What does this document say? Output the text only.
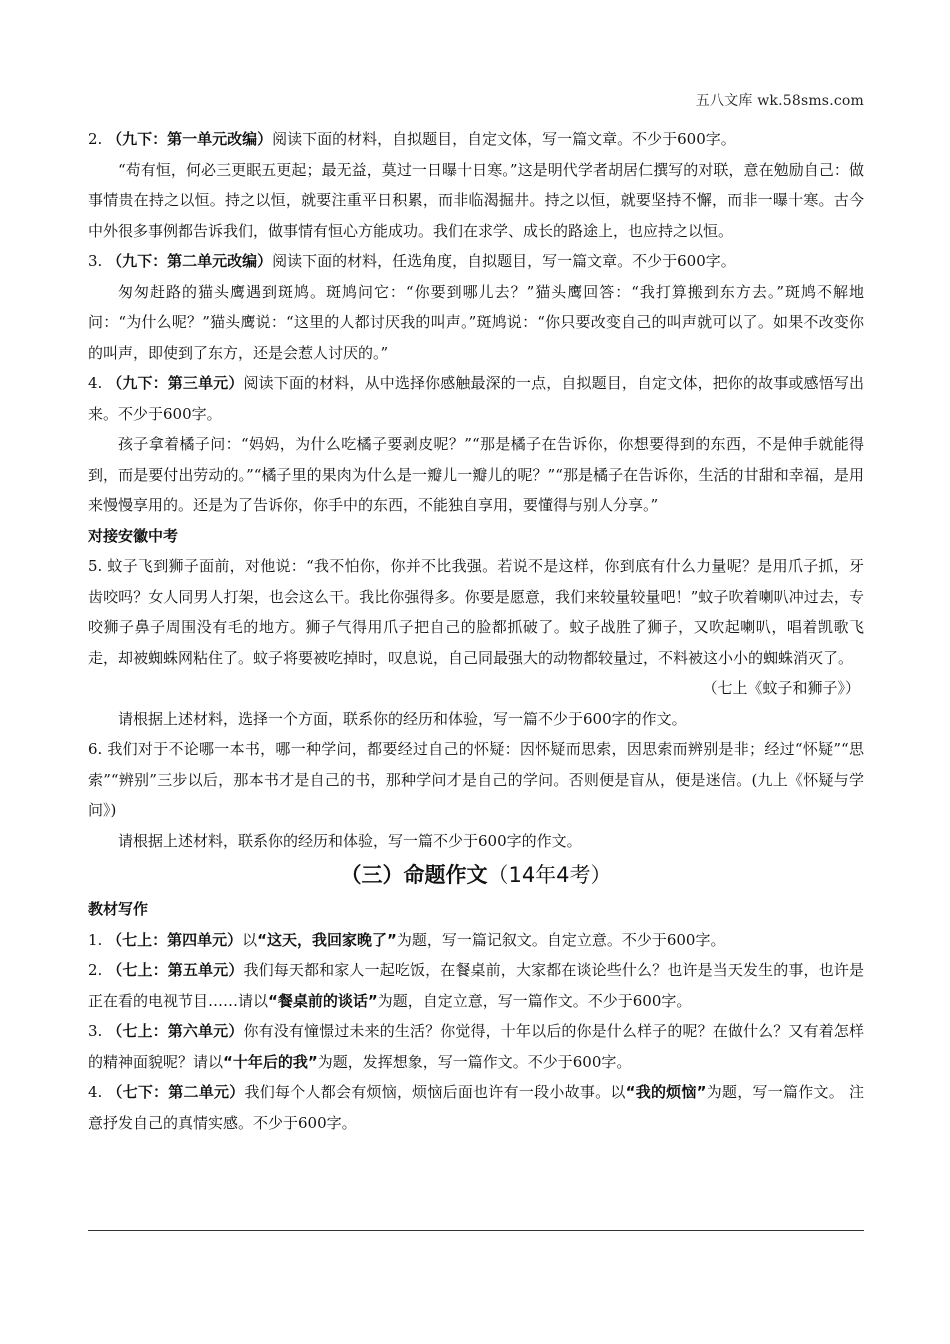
五八文库 wk.58sms.com

2. （九下：第一单元改编）阅读下面的材料，自拟题目，自定文体，写一篇文章。不少于600字。

“苟有恒，何必三更眠五更起；最无益，莫过一日曝十日寒。”这是明代学者胡居仁撰写的对联，意在勉励自己：做事情贵在持之以恒。持之以恒，就要注重平日积累，而非临渴掘井。持之以恒，就要坚持不懈，而非一曝十寒。古今中外很多事例都告诉我们，做事情有恒心方能成功。我们在求学、成长的路途上，也应持之以恒。

3. （九下：第二单元改编）阅读下面的材料，任选角度，自拟题目，写一篇文章。不少于600字。

匆匆赶路的猫头鹰遇到斑鸠。斑鸠问它：“你要到哪儿去？”猫头鹰回答：“我打算搬到东方去。”斑鸠不解地问：“为什么呢？”猫头鹰说：“这里的人都讨厌我的叫声。”斑鸠说：“你只要改变自己的叫声就可以了。如果不改变你的叫声，即使到了东方，还是会惹人讨厌的。”

4. （九下：第三单元）阅读下面的材料，从中选择你感触最深的一点，自拟题目，自定文体，把你的故事或感悟写出来。不少于600字。

孩子拿着橘子问：“妈妈，为什么吃橘子要剥皮呢？”“那是橘子在告诉你，你想要得到的东西，不是伸手就能得到，而是要付出劳动的。”“橘子里的果肉为什么是一瓣儿一瓣儿的呢？”“那是橘子在告诉你，生活的甘甜和幸福，是用来慢慢享用的。还是为了告诉你，你手中的东西，不能独自享用，要懂得与别人分享。”

对接安徽中考

5. 蚊子飞到狮子面前，对他说：“我不怕你，你并不比我强。若说不是这样，你到底有什么力量呢？是用爪子抓，牙齿咬吗？女人同男人打架，也会这么干。我比你强得多。你要是愿意，我们来较量较量吧！”蚊子吹着喇叭冲过去，专咬狮子鼻子周围没有毛的地方。狮子气得用爪子把自己的脸都抓破了。蚊子战胜了狮子，又吹起喇叭，唱着凯歌飞走，却被蜘蛛网粘住了。蚊子将要被吃掉时，叹息说，自己同最强大的动物都较量过，不料被这小小的蜘蛛消灭了。

（七上《蚊子和狮子》）

请根据上述材料，选择一个方面，联系你的经历和体验，写一篇不少于600字的作文。

6. 我们对于不论哪一本书，哪一种学问，都要经过自己的怀疑：因怀疑而思索，因思索而辨别是非；经过“怀疑”“思索”“辨别”三步以后，那本书才是自己的书，那种学问才是自己的学问。否则便是盲从，便是迷信。(九上《怀疑与学问》)

请根据上述材料，联系你的经历和体验，写一篇不少于600字的作文。

（三）命题作文（14年4考）

教材写作

1. （七上：第四单元）以“这天，我回家晚了”为题，写一篇记叙文。自定立意。不少于600字。

2. （七上：第五单元）我们每天都和家人一起吃饭，在餐桌前，大家都在谈论些什么？也许是当天发生的事，也许是正在看的电视节目……请以“餐桌前的谈话”为题，自定立意，写一篇作文。不少于600字。

3. （七上：第六单元）你有没有憧憬过未来的生活？你觉得，十年以后的你是什么样子的呢？在做什么？又有着怎样的精神面貌呢？请以“十年后的我”为题，发挥想象，写一篇作文。不少于600字。

4. （七下：第二单元）我们每个人都会有烦恼，烦恼后面也许有一段小故事。以“我的烦恼”为题，写一篇作文。 注意抒发自己的真情实感。不少于600字。
